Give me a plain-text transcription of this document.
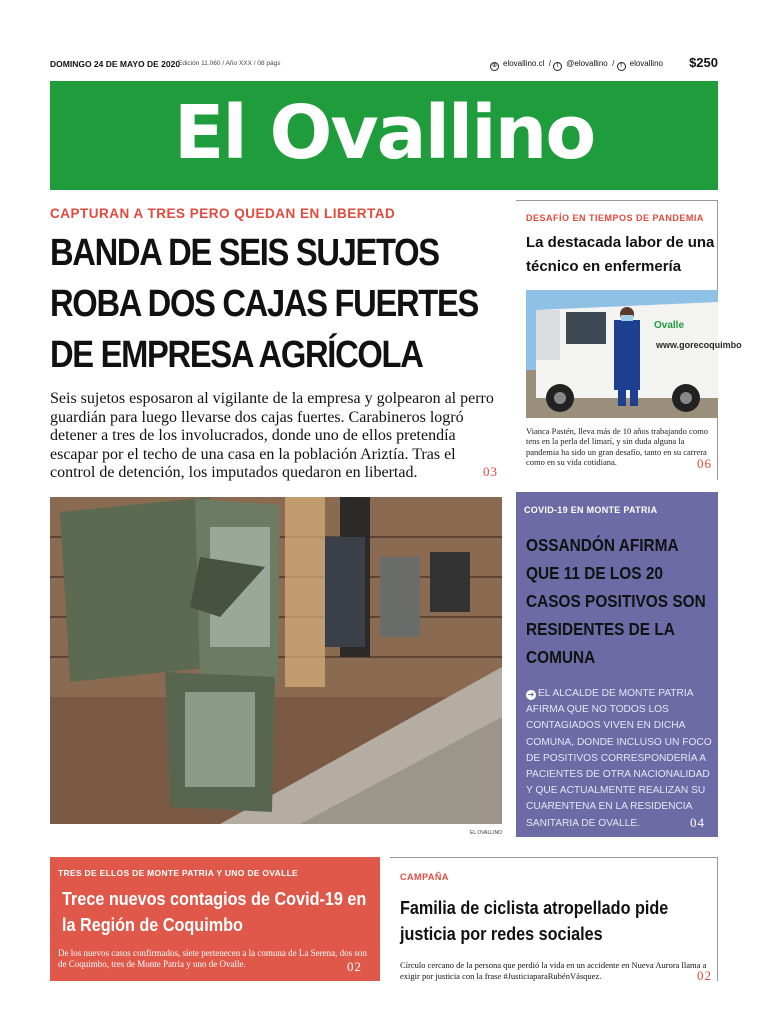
DOMINGO 24 DE MAYO DE 2020
Edición 11.060 / Año XXX / 08 págs	⊕ elovallino.cl  / t @elovallino  / f elovallino $250
El Ovallino
CAPTURAN A TRES PERO QUEDAN EN LIBERTAD
BANDA DE SEIS SUJETOS ROBA DOS CAJAS FUERTES DE EMPRESA AGRÍCOLA
Seis sujetos esposaron al vigilante de la empresa y golpearon al perro guardián para luego llevarse dos cajas fuertes. Carabineros logró detener a tres de los involucrados, donde uno de ellos pretendía escapar por el techo de una casa en la población Ariztía. Tras el control de detención, los imputados quedaron en libertad.	03
DESAFÍO EN TIEMPOS DE PANDEMIA
La destacada labor de una técnico en enfermería
Ovalle
www.gorecoquimbo
Vianca Pastén, lleva más de 10 años trabajando como tens en la perla del limarí, y sin duda alguna la pandemia ha sido un gran desafío, tanto en su carrera como en su vida cotidiana.	06
EL OVALLINO
COVID-19 EN MONTE PATRIA
OSSANDÓN AFIRMA QUE 11 DE LOS 20 CASOS POSITIVOS SON RESIDENTES DE LA COMUNA
➜ EL ALCALDE DE MONTE PATRIA AFIRMA QUE NO TODOS LOS CONTAGIADOS VIVEN EN DICHA COMUNA, DONDE INCLUSO UN FOCO DE POSITIVOS CORRESPONDERÍA A PACIENTES DE OTRA NACIONALIDAD Y QUE ACTUALMENTE REALIZAN SU CUARENTENA EN LA RESIDENCIA SANITARIA DE OVALLE.	04
TRES DE ELLOS DE MONTE PATRIA Y UNO DE OVALLE
Trece nuevos contagios de Covid-19 en la Región de Coquimbo
De los nuevos casos confirmados, siete pertenecen a la comuna de La Serena, dos son de Coquimbo, tres de Monte Patria y uno de Ovalle.	02
CAMPAÑA
Familia de ciclista atropellado pide justicia por redes sociales
Círculo cercano de la persona que perdió la vida en un accidente en Nueva Aurora llama a exigir por justicia con la frase #JusticiaparaRubénVásquez.	02
